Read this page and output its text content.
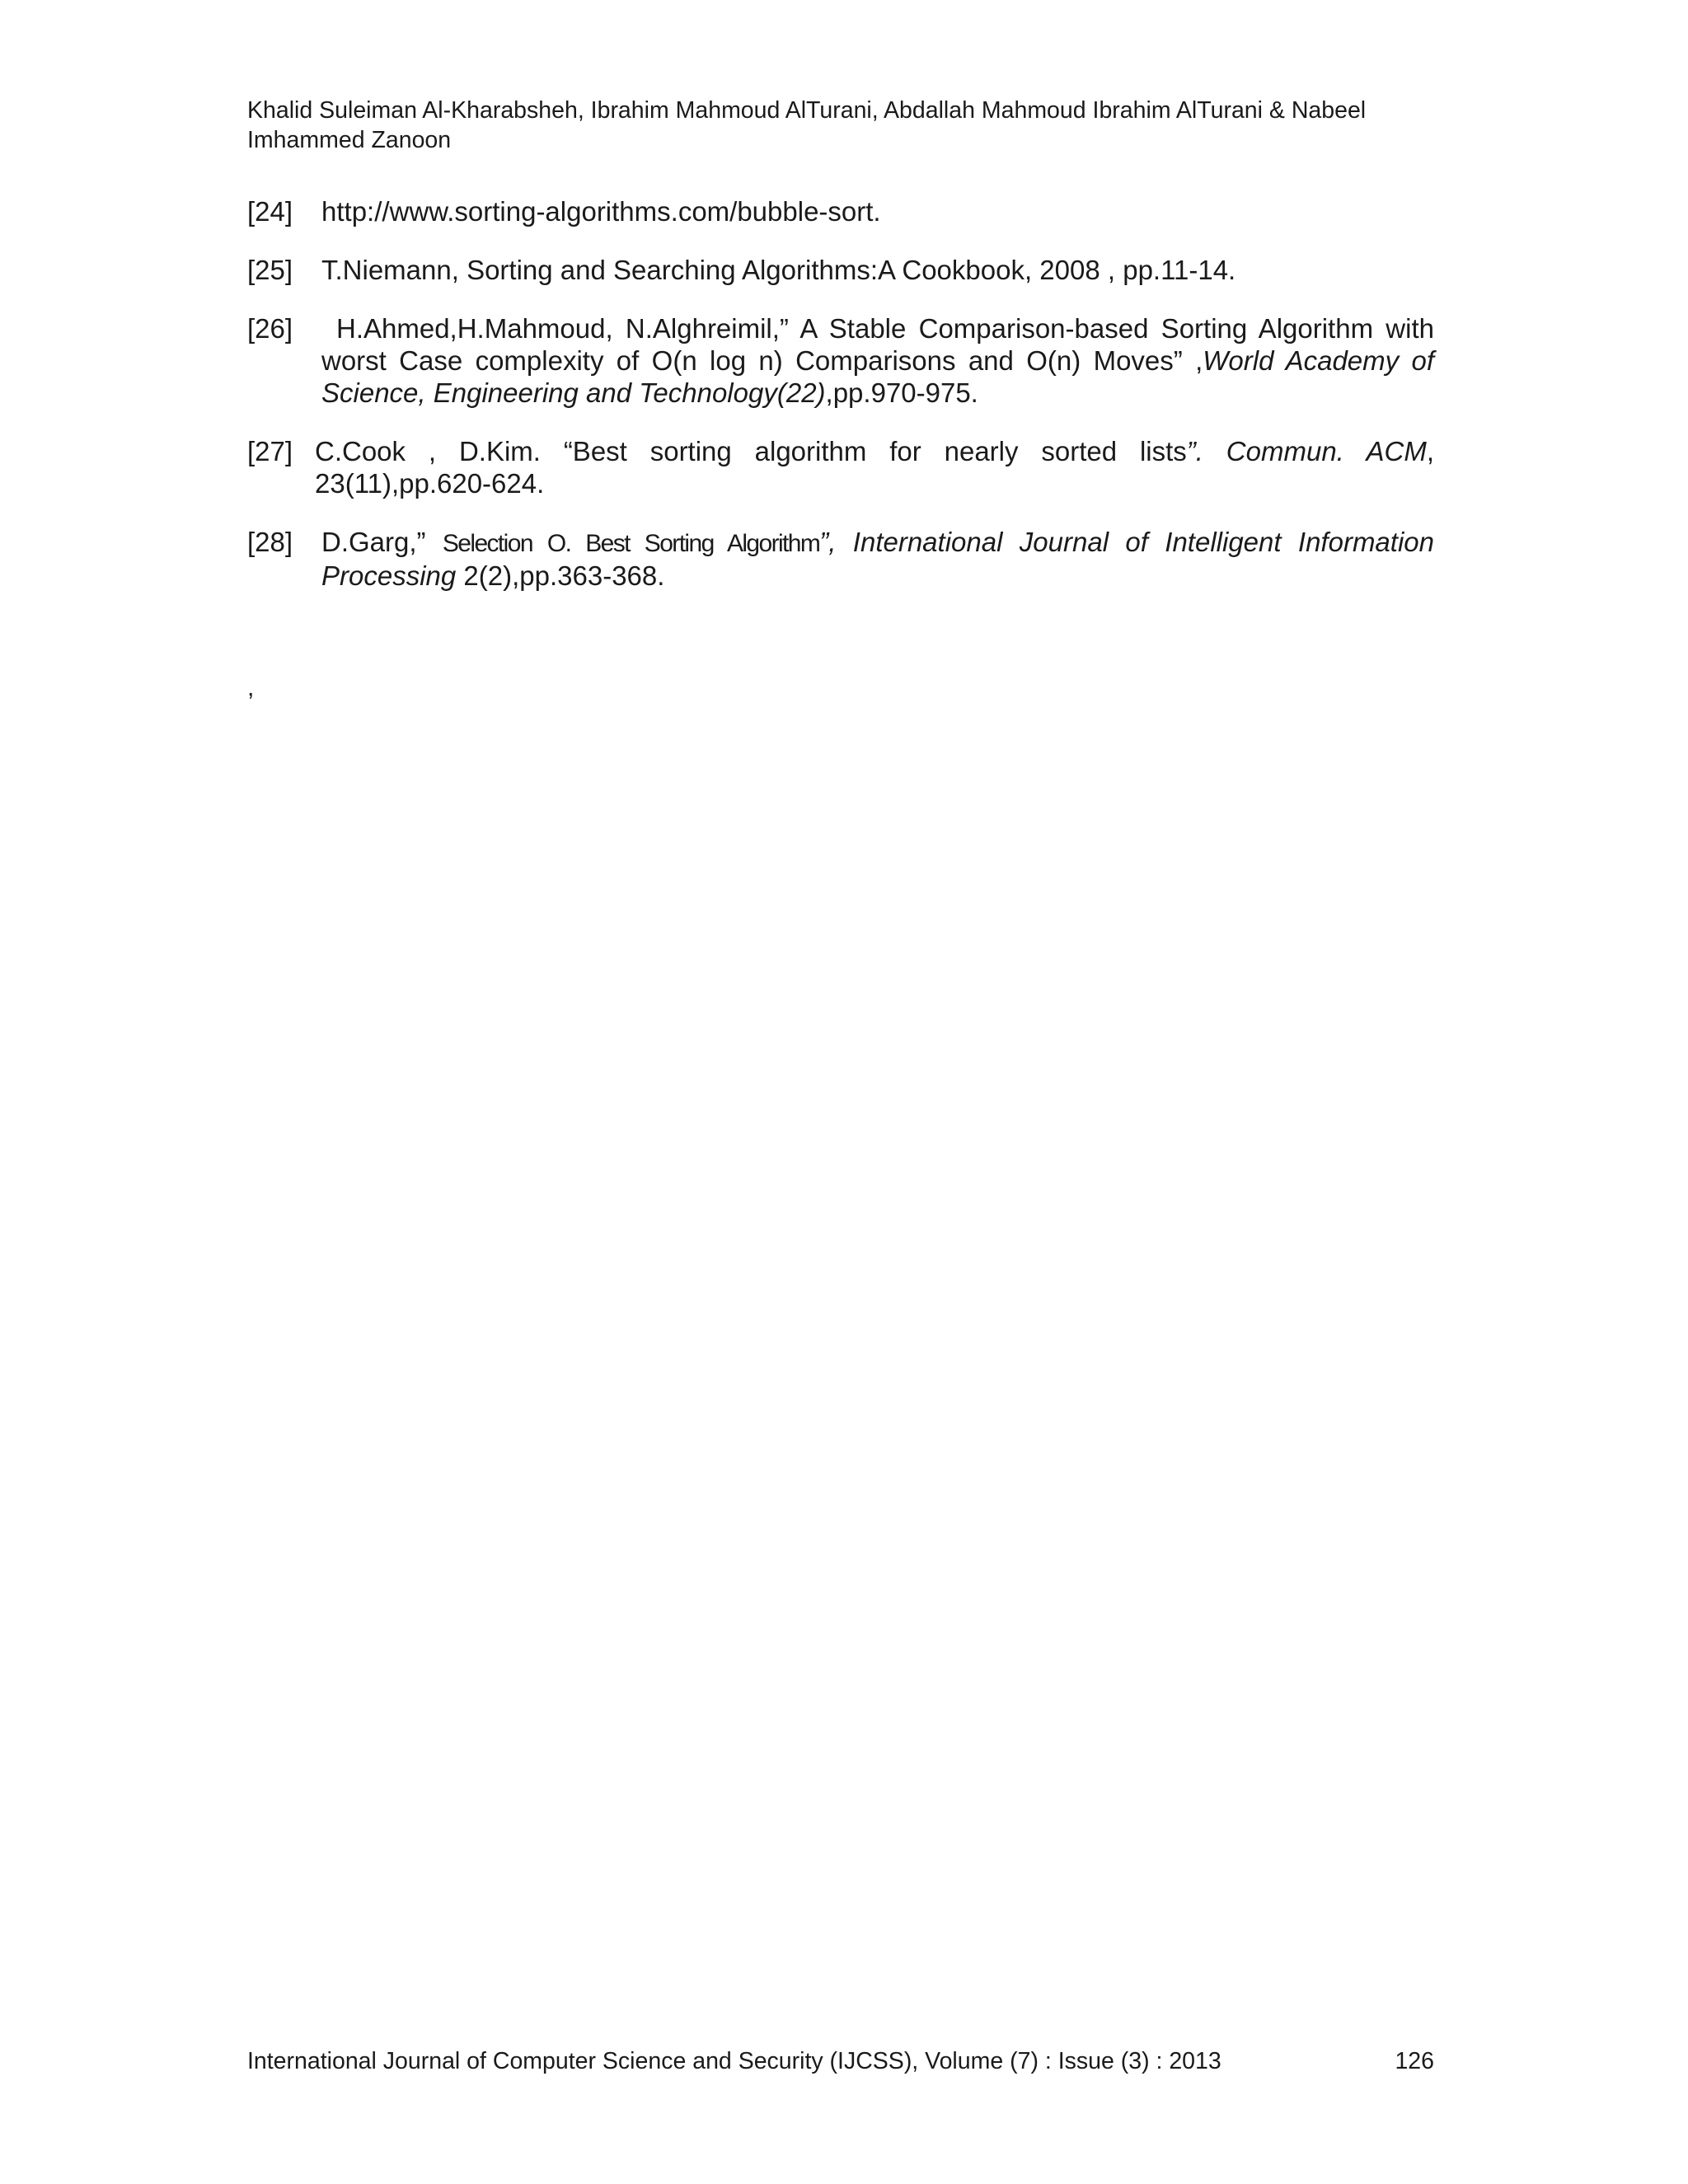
Khalid Suleiman Al-Kharabsheh, Ibrahim Mahmoud AlTurani, Abdallah Mahmoud Ibrahim AlTurani & Nabeel Imhammed Zanoon
[24] http://www.sorting-algorithms.com/bubble-sort.
[25] T.Niemann, Sorting and Searching Algorithms:A Cookbook, 2008 , pp.11-14.
[26]	H.Ahmed,H.Mahmoud, N.Alghreimil,” A Stable Comparison-based Sorting Algorithm with worst Case complexity of O(n log n) Comparisons and O(n) Moves” ,World Academy of Science, Engineering and Technology(22),pp.970-975.
[27] C.Cook , D.Kim. “Best sorting algorithm for nearly sorted lists”. Commun. ACM, 23(11),pp.620-624.
[28] D.Garg,” Selection O. Best Sorting Algorithm”, International Journal of Intelligent Information Processing 2(2),pp.363-368.
,
International Journal of Computer Science and Security (IJCSS), Volume (7) : Issue (3) : 2013	126
